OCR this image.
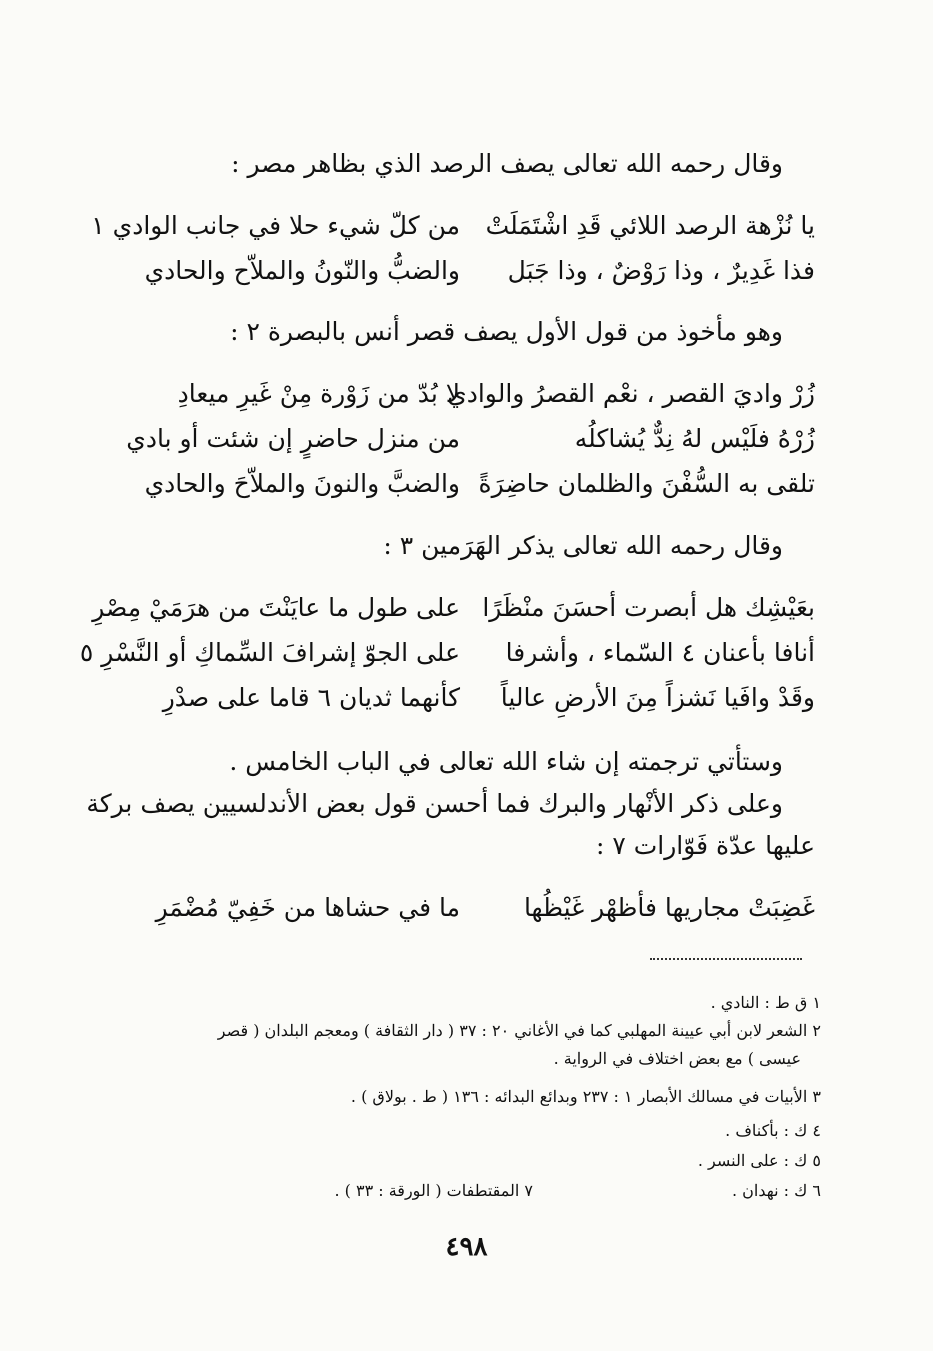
وقال رحمه الله تعالى يصف الرصد الذي بظاهر مصر :
يا نُزْهة الرصد اللائي قَدِ اشْتَمَلَتْ
من كلّ شيء حلا في جانب الوادي ١
فذا غَدِيرٌ ، وذا رَوْضٌ ، وذا جَبَل
والضبُّ والنّونُ والملاّح والحادي
وهو مأخوذ من قول الأول يصف قصر أنس بالبصرة ٢ :
زُرْ واديَ القصر ، نعْم القصرُ والوادي
لا بُدّ من زَوْرة مِنْ غَيرِ ميعادِ
زُرْهُ فلَيْس لهُ نِدٌّ يُشاكلُه
من منزل حاضرٍ إن شئت أو بادي
تلقى به السُّفْنَ والظلمان حاضِرَةً
والضبَّ والنونَ والملاّحَ والحادي
وقال رحمه الله تعالى يذكر الهَرَمين ٣ :
بعَيْشِك هل أبصرت أحسَنَ منْظَرًا
على طول ما عايَنْتَ من هرَمَيْ مِصْرِ
أنافا بأعنان ٤ السّماء ، وأشرفا
على الجوّ إشرافَ السِّماكِ أو النَّسْرِ ٥
وقَدْ وافَيا نَشزاً مِنَ الأرضِ عالياً
كأنهما ثديان ٦ قاما على صدْرِ
وستأتي ترجمته إن شاء الله تعالى في الباب الخامس .
وعلى ذكر الأنْهار والبرك فما أحسن قول بعض الأندلسيين يصف بركة
عليها عدّة فَوّارات ٧ :
غَضِبَتْ مجاريها فأظهْر غَيْظُها
ما في حشاها من خَفِيّ مُضْمَرِ
١ ق ط : النادي .
٢ الشعر لابن أبي عيينة المهلبي كما في الأغاني ٢٠ : ٣٧ ( دار الثقافة ) ومعجم البلدان ( قصر
عيسى ) مع بعض اختلاف في الرواية .
٣ الأبيات في مسالك الأبصار ١ : ٢٣٧ وبدائع البدائه : ١٣٦ ( ط . بولاق ) .
٤ ك : بأكناف .
٥ ك : على النسر .
٦ ك : نهدان .
٧ المقتطفات ( الورقة : ٣٣ ) .
٤٩٨
